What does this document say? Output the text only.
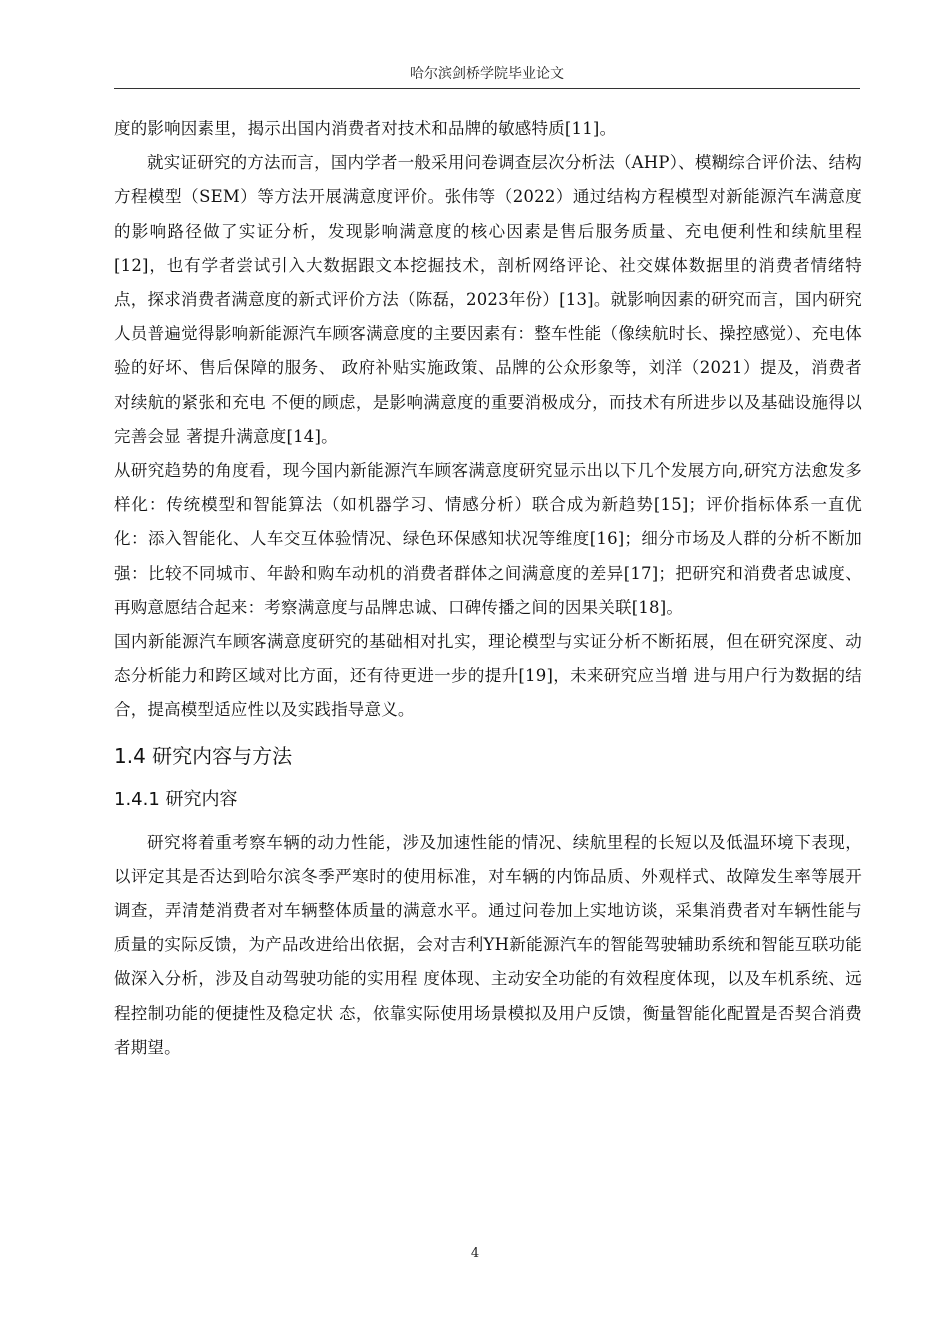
哈尔滨剑桥学院毕业论文

度的影响因素里，揭示出国内消费者对技术和品牌的敏感特质[11]。

就实证研究的方法而言，国内学者一般采用问卷调查层次分析法（AHP）、模糊综合评价法、结构方程模型（SEM）等方法开展满意度评价。张伟等（2022）通过结构方程模型对新能源汽车满意度的影响路径做了实证分析，发现影响满意度的核心因素是售后服务质量、充电便利性和续航里程[12]，也有学者尝试引入大数据跟文本挖掘技术，剖析网络评论、社交媒体数据里的消费者情绪特点，探求消费者满意度的新式评价方法（陈磊，2023年份）[13]。就影响因素的研究而言，国内研究人员普遍觉得影响新能源汽车顾客满意度的主要因素有：整车性能（像续航时长、操控感觉）、充电体验的好坏、售后保障的服务、 政府补贴实施政策、品牌的公众形象等，刘洋（2021）提及，消费者对续航的紧张和充电 不便的顾虑，是影响满意度的重要消极成分，而技术有所进步以及基础设施得以完善会显 著提升满意度[14]。

从研究趋势的角度看，现今国内新能源汽车顾客满意度研究显示出以下几个发展方向,研究方法愈发多样化：传统模型和智能算法（如机器学习、情感分析）联合成为新趋势[15]；评价指标体系一直优化：添入智能化、人车交互体验情况、绿色环保感知状况等维度[16]；细分市场及人群的分析不断加强：比较不同城市、年龄和购车动机的消费者群体之间满意度的差异[17]；把研究和消费者忠诚度、再购意愿结合起来：考察满意度与品牌忠诚、口碑传播之间的因果关联[18]。

国内新能源汽车顾客满意度研究的基础相对扎实，理论模型与实证分析不断拓展，但在研究深度、动态分析能力和跨区域对比方面，还有待更进一步的提升[19]，未来研究应当增 进与用户行为数据的结合，提高模型适应性以及实践指导意义。

1.4 研究内容与方法
1.4.1 研究内容

研究将着重考察车辆的动力性能，涉及加速性能的情况、续航里程的长短以及低温环境下表现，以评定其是否达到哈尔滨冬季严寒时的使用标准，对车辆的内饰品质、外观样式、故障发生率等展开调查，弄清楚消费者对车辆整体质量的满意水平。通过问卷加上实地访谈，采集消费者对车辆性能与质量的实际反馈，为产品改进给出依据，会对吉利YH新能源汽车的智能驾驶辅助系统和智能互联功能做深入分析，涉及自动驾驶功能的实用程 度体现、主动安全功能的有效程度体现，以及车机系统、远程控制功能的便捷性及稳定状 态，依靠实际使用场景模拟及用户反馈，衡量智能化配置是否契合消费者期望。

4
